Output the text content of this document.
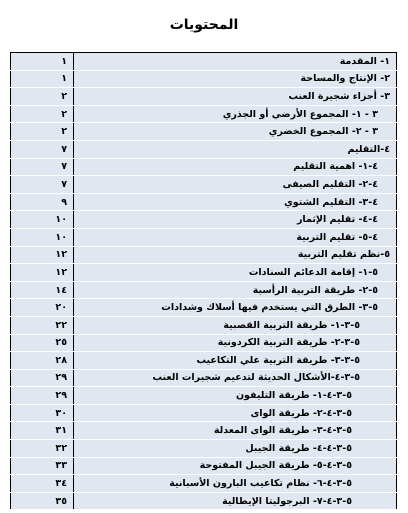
المحتويات
١- المقدمة	١
٢- الإنتاج والمساحة	١
٣- أجزاء شجيرة العنب	٢
٣ - ١- المجموع الأرضي أو الجذري	٢
٣ - ٢- المجموع الخضري	٢
٤-التقليم	٧
٤-١- اهمية التقليم	٧
٤-٢- التقليم الصيفى	٧
٤-٣- التقليم الشتوي	٩
٤-٤- تقليم الإثمار	١٠
٤-٥- تقليم التربية	١٠
٥-نظم تقليم التربية	١٢
٥-١- إقامة الدعائم السنادات	١٢
٥-٢- طريقة التربية الرأسية	١٤
٥-٣- الطرق التي يستخدم فيها أسلاك وشدادات	٢٠
٥-٣-١- طريقة التربية القصبية	٢٢
٥-٣-٢- طريقة التربية الكردونية	٢٥
٥-٣-٣- طريقة التربية علي التكاعيب	٢٨
٥-٣-٤-الأشكال الحديثة لتدعيم شجيرات العنب	٢٩
٥-٣-٤-١- طريقة التليفون	٢٩
٥-٣-٤-٢- طريقة الواى	٣٠
٥-٣-٤-٣- طريقة الواى المعدلة	٣١
٥-٣-٤-٤- طريقة الجيبل	٣٢
٥-٣-٤-٥- طريقة الجيبل المفتوحة	٣٣
٥-٣-٤-٦- نظام تكاعيب البارون الأسبانية	٣٤
٥-٣-٤-٧- البرجوليتا الإيطالية	٣٥
